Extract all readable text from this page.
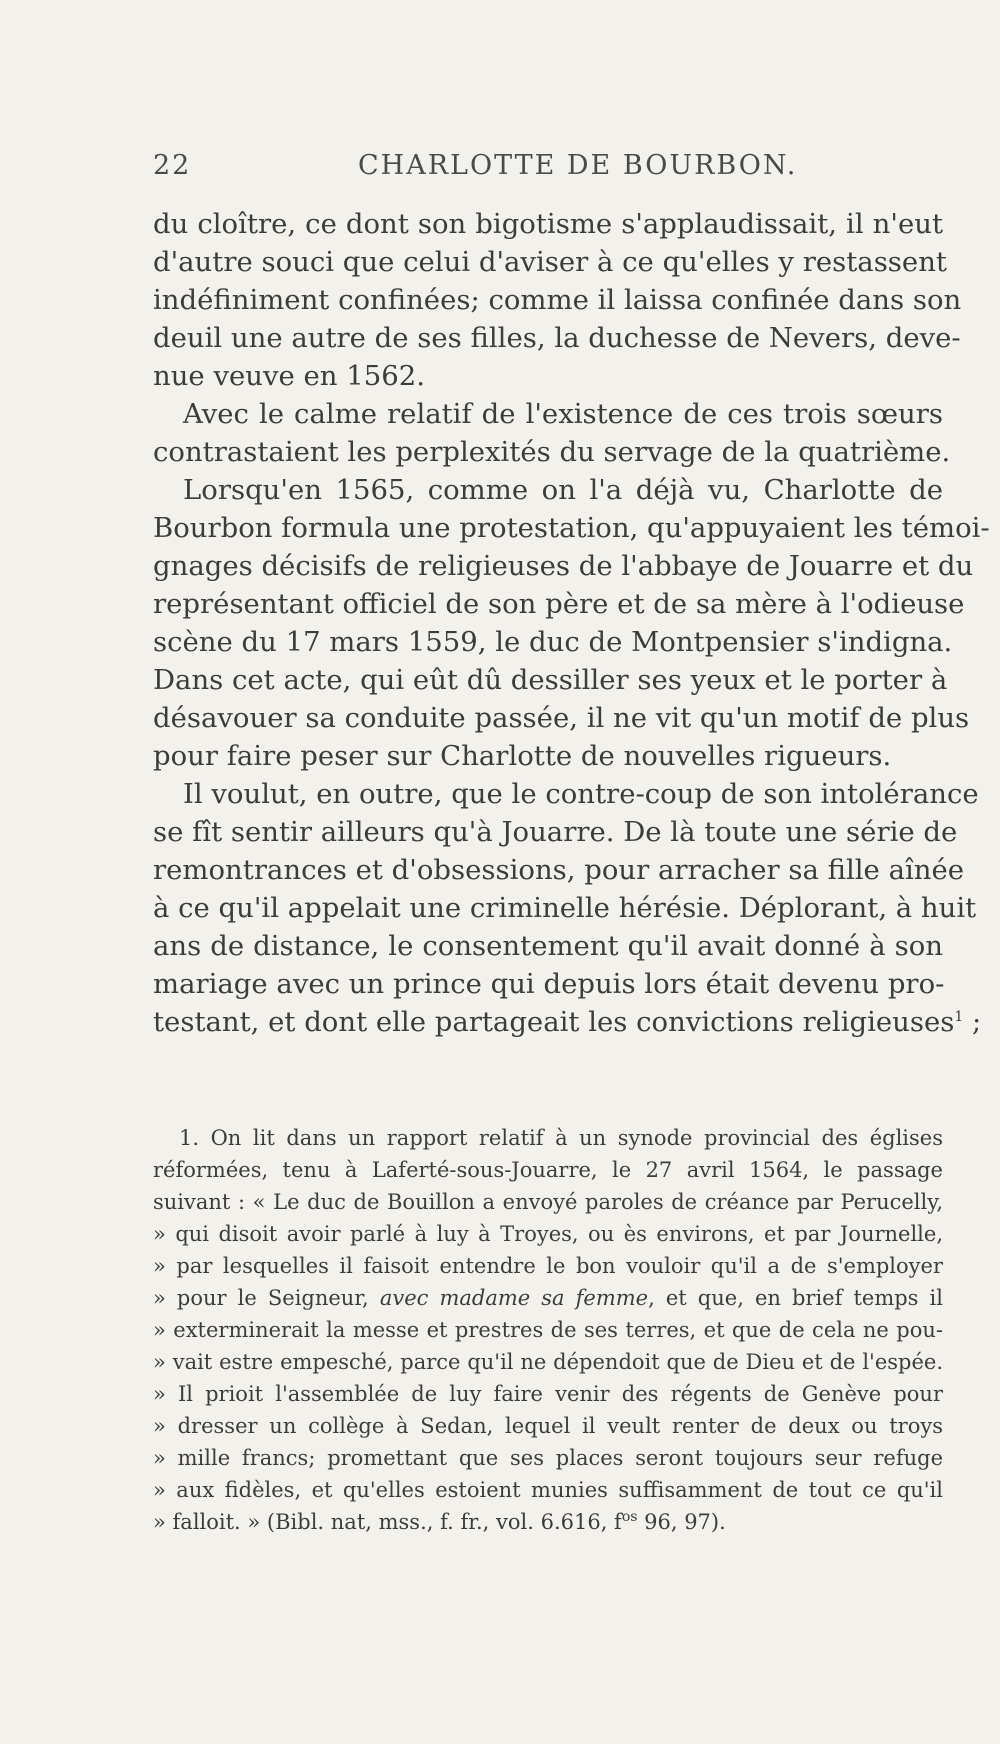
22	CHARLOTTE DE BOURBON.
du cloître, ce dont son bigotisme s'applaudissait, il n'eut
d'autre souci que celui d'aviser à ce qu'elles y restassent
indéfiniment confinées; comme il laissa confinée dans son
deuil une autre de ses filles, la duchesse de Nevers, deve-
nue veuve en 1562.
Avec le calme relatif de l'existence de ces trois sœurs
contrastaient les perplexités du servage de la quatrième.
Lorsqu'en 1565, comme on l'a déjà vu, Charlotte de
Bourbon formula une protestation, qu'appuyaient les témoi-
gnages décisifs de religieuses de l'abbaye de Jouarre et du
représentant officiel de son père et de sa mère à l'odieuse
scène du 17 mars 1559, le duc de Montpensier s'indigna.
Dans cet acte, qui eût dû dessiller ses yeux et le porter à
désavouer sa conduite passée, il ne vit qu'un motif de plus
pour faire peser sur Charlotte de nouvelles rigueurs.
Il voulut, en outre, que le contre-coup de son intolérance
se fît sentir ailleurs qu'à Jouarre. De là toute une série de
remontrances et d'obsessions, pour arracher sa fille aînée
à ce qu'il appelait une criminelle hérésie. Déplorant, à huit
ans de distance, le consentement qu'il avait donné à son
mariage avec un prince qui depuis lors était devenu pro-
testant, et dont elle partageait les convictions religieuses$^1$ ;
1. On lit dans un rapport relatif à un synode provincial des églises
réformées, tenu à Laferté-sous-Jouarre, le 27 avril 1564, le passage
suivant : « Le duc de Bouillon a envoyé paroles de créance par Perucelly,
» qui disoit avoir parlé à luy à Troyes, ou ès environs, et par Journelle,
» par lesquelles il faisoit entendre le bon vouloir qu'il a de s'employer
» pour le Seigneur, avec madame sa femme, et que, en brief temps il
» exterminerait la messe et prestres de ses terres, et que de cela ne pou-
» vait estre empesché, parce qu'il ne dépendoit que de Dieu et de l'espée.
» Il prioit l'assemblée de luy faire venir des régents de Genève pour
» dresser un collège à Sedan, lequel il veult renter de deux ou troys
» mille francs; promettant que ses places seront toujours seur refuge
» aux fidèles, et qu'elles estoient munies suffisamment de tout ce qu'il
» falloit. » (Bibl. nat, mss., f. fr., vol. 6.616, $f^{os}$ 96, 97).
